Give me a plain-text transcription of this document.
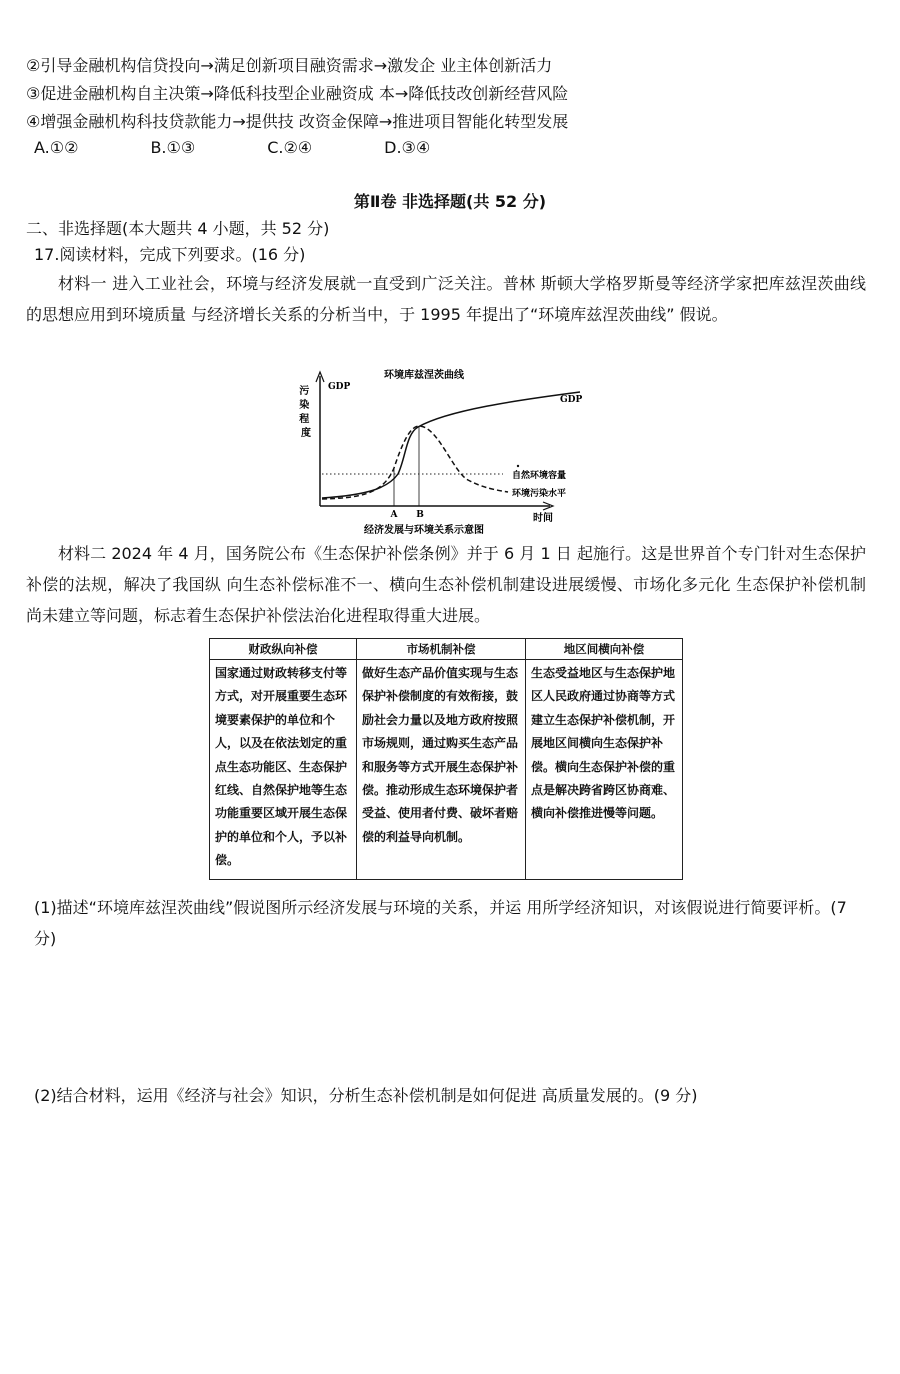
②引导金融机构信贷投向→满足创新项目融资需求→激发企 业主体创新活力
③促进金融机构自主决策→降低科技型企业融资成 本→降低技改创新经营风险
④增强金融机构科技贷款能力→提供技 改资金保障→推进项目智能化转型发展
A.①②	B.①③	C.②④	D.③④
第Ⅱ卷 非选择题(共 52 分)
二、非选择题(本大题共 4 小题，共 52 分)
17.阅读材料，完成下列要求。(16 分)
材料一 进入工业社会，环境与经济发展就一直受到广泛关注。普林 斯顿大学格罗斯曼等经济学家把库兹涅茨曲线的思想应用到环境质量 与经济增长关系的分析当中，于 1995 年提出了“环境库兹涅茨曲线” 假说。
环境库兹涅茨曲线
GDP
污 染 程 度
A B
GDP
自然环境容量
环境污染水平
时间
经济发展与环境关系示意图
材料二 2024 年 4 月，国务院公布《生态保护补偿条例》并于 6 月 1 日 起施行。这是世界首个专门针对生态保护补偿的法规，解决了我国纵 向生态补偿标准不一、横向生态补偿机制建设进展缓慢、市场化多元化 生态保护补偿机制尚未建立等问题，标志着生态保护补偿法治化进程取得重大进展。
财政纵向补偿	市场机制补偿	地区间横向补偿
国家通过财政转移支付等方式，对开展重要生态环境要素保护的单位和个人，以及在依法划定的重点生态功能区、生态保护红线、自然保护地等生态功能重要区域开展生态保护的单位和个人，予以补偿。	做好生态产品价值实现与生态保护补偿制度的有效衔接，鼓励社会力量以及地方政府按照市场规则，通过购买生态产品和服务等方式开展生态保护补偿。推动形成生态环境保护者受益、使用者付费、破坏者赔偿的利益导向机制。	生态受益地区与生态保护地区人民政府通过协商等方式建立生态保护补偿机制，开展地区间横向生态保护补偿。横向生态保护补偿的重点是解决跨省跨区协商难、横向补偿推进慢等问题。
(1)描述“环境库兹涅茨曲线”假说图所示经济发展与环境的关系，并运 用所学经济知识，对该假说进行简要评析。(7 分)
(2)结合材料，运用《经济与社会》知识，分析生态补偿机制是如何促进 高质量发展的。(9 分)
